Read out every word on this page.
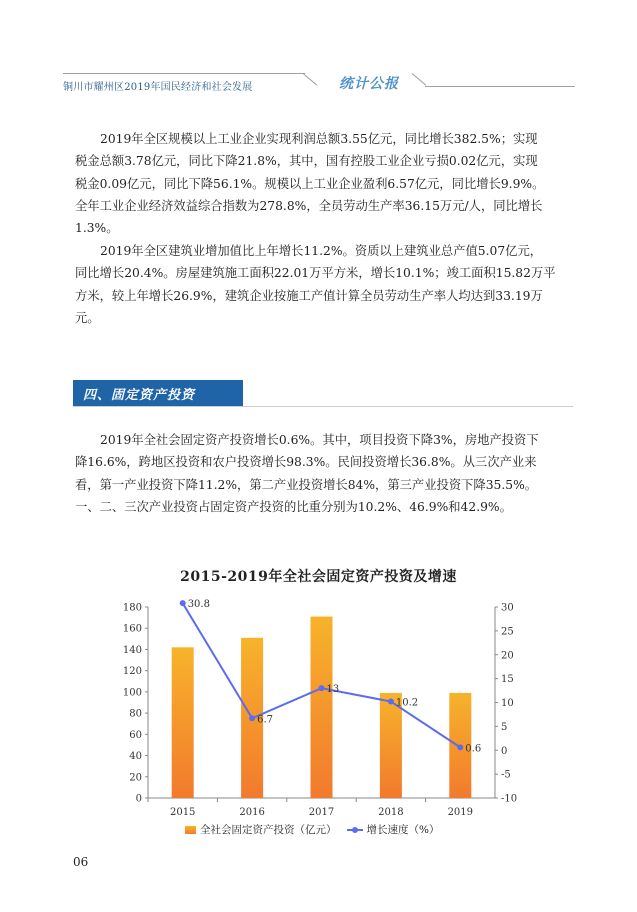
铜川市耀州区2019年国民经济和社会发展	统计公报
2019年全区规模以上工业企业实现利润总额3.55亿元，同比增长382.5%；实现
税金总额3.78亿元，同比下降21.8%，其中，国有控股工业企业亏损0.02亿元，实现
税金0.09亿元，同比下降56.1%。规模以上工业企业盈利6.57亿元，同比增长9.9%。
全年工业企业经济效益综合指数为278.8%，全员劳动生产率36.15万元/人，同比增长
1.3%。
2019年全区建筑业增加值比上年增长11.2%。资质以上建筑业总产值5.07亿元，
同比增长20.4%。房屋建筑施工面积22.01万平方米，增长10.1%；竣工面积15.82万平
方米，较上年增长26.9%，建筑企业按施工产值计算全员劳动生产率人均达到33.19万
元。
四、固定资产投资
2019年全社会固定资产投资增长0.6%。其中，项目投资下降3%，房地产投资下
降16.6%，跨地区投资和农户投资增长98.3%。民间投资增长36.8%。从三次产业来
看，第一产业投资下降11.2%，第二产业投资增长84%，第三产业投资下降35.5%。
一、二、三次产业投资占固定资产投资的比重分别为10.2%、46.9%和42.9%。
2015-2019年全社会固定资产投资及增速
0
20
40
60
80
100
120
140
160
180
-10
-5
0
5
10
15
20
25
30
2015	2016	2017	2018	2019
30.8
6.7
13
10.2
0.6
全社会固定资产投资（亿元）	增长速度（%）
06
